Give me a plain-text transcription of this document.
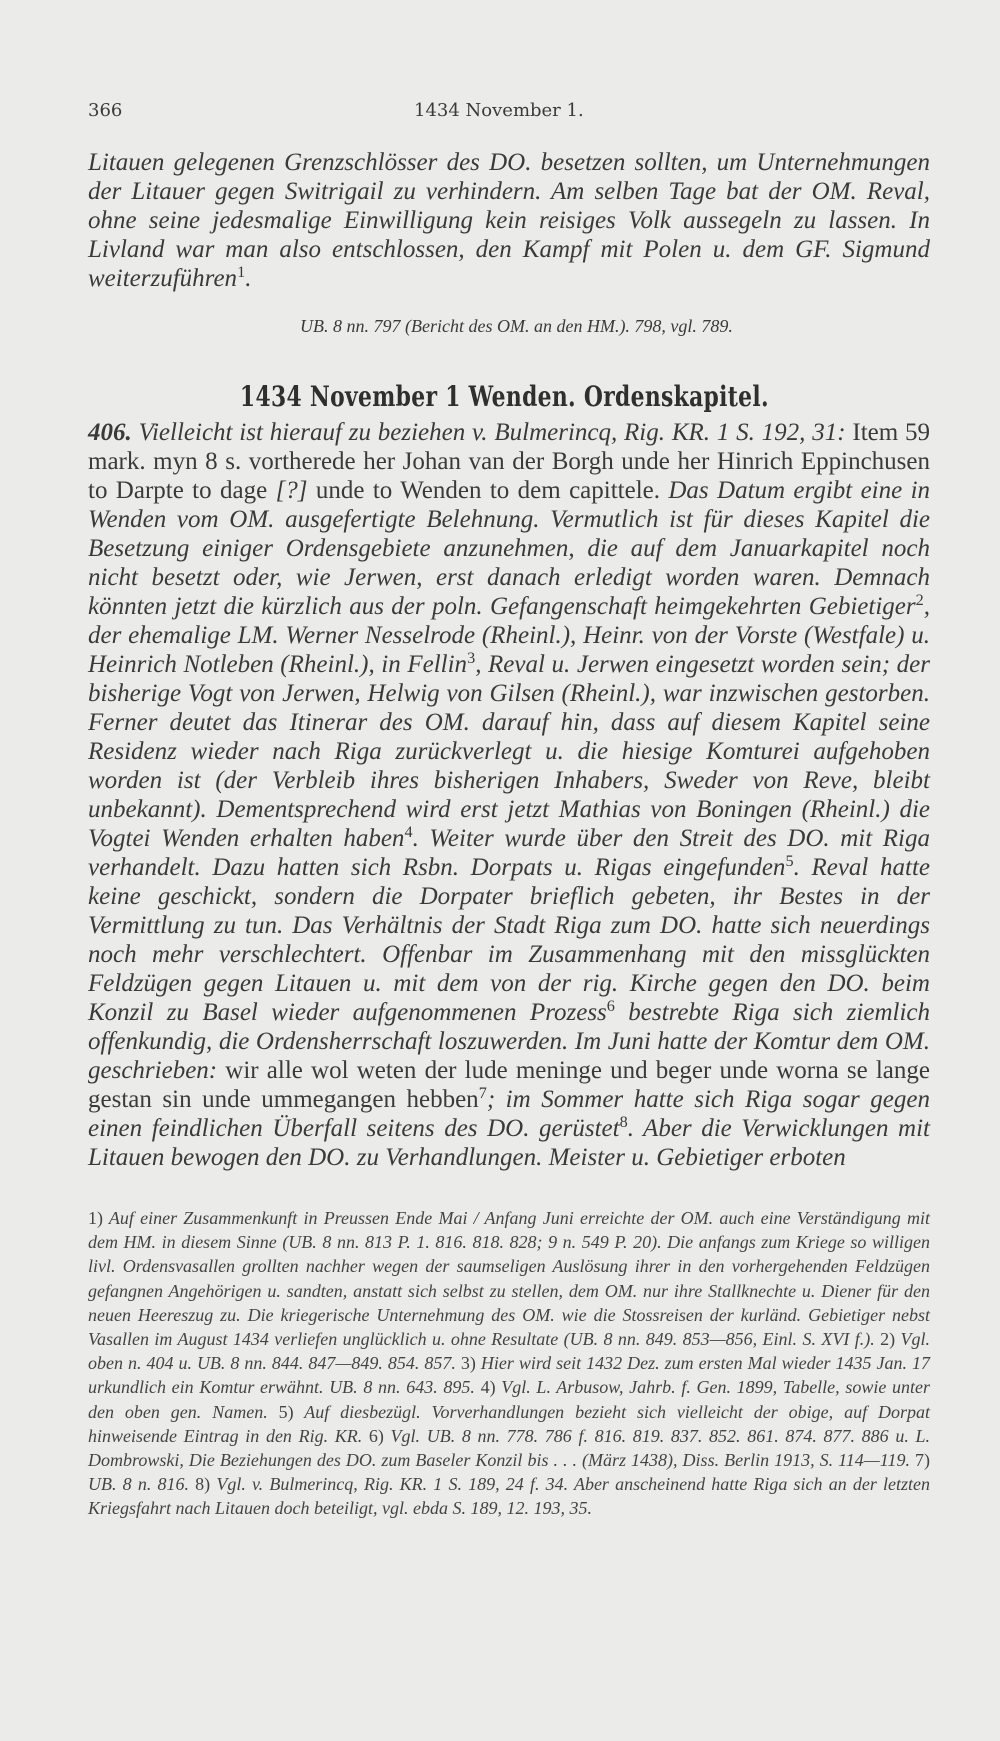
366	1434 November 1.

Litauen gelegenen Grenzschlösser des DO. besetzen sollten, um Unternehmungen der Litauer gegen Switrigail zu verhindern. Am selben Tage bat der OM. Reval, ohne seine jedesmalige Einwilligung kein reisiges Volk aussegeln zu lassen. In Livland war man also entschlossen, den Kampf mit Polen u. dem GF. Sigmund weiterzuführen$^1$.

UB. 8 nn. 797 (Bericht des OM. an den HM.). 798, vgl. 789.
1434 November 1 Wenden. Ordenskapitel.

406. Vielleicht ist hierauf zu beziehen v. Bulmerincq, Rig. KR. 1 S. 192, 31: Item 59 mark. myn 8 s. vortherede her Johan van der Borgh unde her Hinrich Eppinchusen to Darpte to dage [?] unde to Wenden to dem capittele. Das Datum ergibt eine in Wenden vom OM. ausgefertigte Belehnung. Vermutlich ist für dieses Kapitel die Besetzung einiger Ordensgebiete anzunehmen, die auf dem Januarkapitel noch nicht besetzt oder, wie Jerwen, erst danach erledigt worden waren. Demnach könnten jetzt die kürzlich aus der poln. Gefangenschaft heimgekehrten Gebietiger$^2$, der ehemalige LM. Werner Nesselrode (Rheinl.), Heinr. von der Vorste (Westfale) u. Heinrich Notleben (Rheinl.), in Fellin$^3$, Reval u. Jerwen eingesetzt worden sein; der bisherige Vogt von Jerwen, Helwig von Gilsen (Rheinl.), war inzwischen gestorben. Ferner deutet das Itinerar des OM. darauf hin, dass auf diesem Kapitel seine Residenz wieder nach Riga zurückverlegt u. die hiesige Komturei aufgehoben worden ist (der Verbleib ihres bisherigen Inhabers, Sweder von Reve, bleibt unbekannt). Dementsprechend wird erst jetzt Mathias von Boningen (Rheinl.) die Vogtei Wenden erhalten haben$^4$. Weiter wurde über den Streit des DO. mit Riga verhandelt. Dazu hatten sich Rsbn. Dorpats u. Rigas eingefunden$^5$. Reval hatte keine geschickt, sondern die Dorpater brieflich gebeten, ihr Bestes in der Vermittlung zu tun. Das Verhältnis der Stadt Riga zum DO. hatte sich neuerdings noch mehr verschlechtert. Offenbar im Zusammenhang mit den missglückten Feldzügen gegen Litauen u. mit dem von der rig. Kirche gegen den DO. beim Konzil zu Basel wieder aufgenommenen Prozess$^6$ bestrebte Riga sich ziemlich offenkundig, die Ordensherrschaft loszuwerden. Im Juni hatte der Komtur dem OM. geschrieben: wir alle wol weten der lude meninge und beger unde worna se lange gestan sin unde ummegangen hebben$^7$; im Sommer hatte sich Riga sogar gegen einen feindlichen Überfall seitens des DO. gerüstet$^8$. Aber die Verwicklungen mit Litauen bewogen den DO. zu Verhandlungen. Meister u. Gebietiger erboten

1) Auf einer Zusammenkunft in Preussen Ende Mai / Anfang Juni erreichte der OM. auch eine Verständigung mit dem HM. in diesem Sinne (UB. 8 nn. 813 P. 1. 816. 818. 828; 9 n. 549 P. 20). Die anfangs zum Kriege so willigen livl. Ordensvasallen grollten nachher wegen der saumseligen Auslösung ihrer in den vorhergehenden Feldzügen gefangnen Angehörigen u. sandten, anstatt sich selbst zu stellen, dem OM. nur ihre Stallknechte u. Diener für den neuen Heereszug zu. Die kriegerische Unternehmung des OM. wie die Stossreisen der kurländ. Gebietiger nebst Vasallen im August 1434 verliefen unglücklich u. ohne Resultate (UB. 8 nn. 849. 853—856, Einl. S. XVI f.). 2) Vgl. oben n. 404 u. UB. 8 nn. 844. 847—849. 854. 857. 3) Hier wird seit 1432 Dez. zum ersten Mal wieder 1435 Jan. 17 urkundlich ein Komtur erwähnt. UB. 8 nn. 643. 895. 4) Vgl. L. Arbusow, Jahrb. f. Gen. 1899, Tabelle, sowie unter den oben gen. Namen. 5) Auf diesbezügl. Vorverhandlungen bezieht sich vielleicht der obige, auf Dorpat hinweisende Eintrag in den Rig. KR. 6) Vgl. UB. 8 nn. 778. 786 f. 816. 819. 837. 852. 861. 874. 877. 886 u. L. Dombrowski, Die Beziehungen des DO. zum Baseler Konzil bis . . . (März 1438), Diss. Berlin 1913, S. 114—119. 7) UB. 8 n. 816. 8) Vgl. v. Bulmerincq, Rig. KR. 1 S. 189, 24 f. 34. Aber anscheinend hatte Riga sich an der letzten Kriegsfahrt nach Litauen doch beteiligt, vgl. ebda S. 189, 12. 193, 35.
